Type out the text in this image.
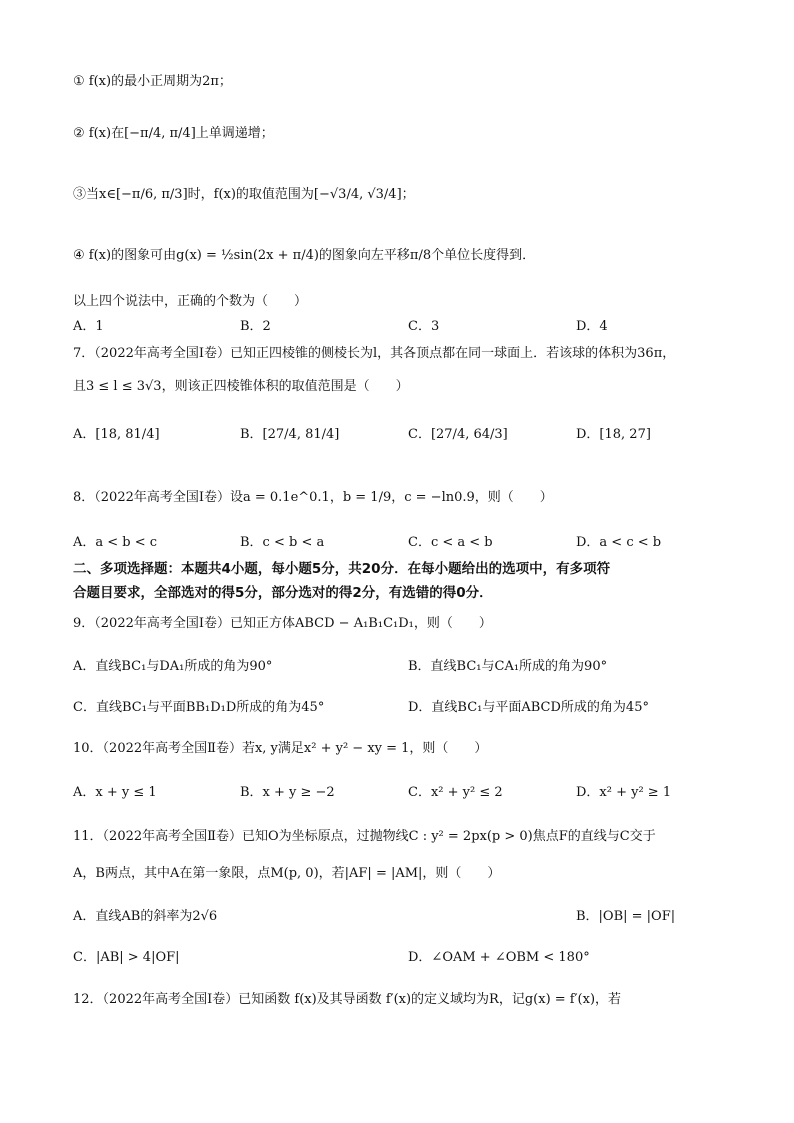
① f(x)的最小正周期为2π；
② f(x)在[−π/4, π/4]上单调递增；
③当x∈[−π/6, π/3]时，f(x)的取值范围为[−√3/4, √3/4]；
④ f(x)的图象可由g(x) = ½sin(2x + π/4)的图象向左平移π/8个单位长度得到．
以上四个说法中，正确的个数为（　　）
A．1	B．2	C．3	D．4
7．（2022年高考全国Ⅰ卷）已知正四棱锥的侧棱长为l，其各顶点都在同一球面上．若该球的体积为36π，
且3 ≤ l ≤ 3√3，则该正四棱锥体积的取值范围是（　　）
A．[18, 81/4]	B．[27/4, 81/4]	C．[27/4, 64/3]	D．[18, 27]
8．（2022年高考全国Ⅰ卷）设a = 0.1e^0.1，b = 1/9，c = −ln0.9，则（　　）
A．a < b < c	B．c < b < a	C．c < a < b	D．a < c < b
二、多项选择题：本题共4小题，每小题5分，共20分．在每小题给出的选项中，有多项符
合题目要求，全部选对的得5分，部分选对的得2分，有选错的得0分．
9．（2022年高考全国Ⅰ卷）已知正方体ABCD − A₁B₁C₁D₁，则（　　）
A．直线BC₁与DA₁所成的角为90°	B．直线BC₁与CA₁所成的角为90°
C．直线BC₁与平面BB₁D₁D所成的角为45°	D．直线BC₁与平面ABCD所成的角为45°
10．（2022年高考全国Ⅱ卷）若x, y满足x² + y² − xy = 1，则（　　）
A．x + y ≤ 1	B．x + y ≥ −2	C．x² + y² ≤ 2	D．x² + y² ≥ 1
11．（2022年高考全国Ⅱ卷）已知O为坐标原点，过抛物线C : y² = 2px(p > 0)焦点F的直线与C交于
A，B两点，其中A在第一象限，点M(p, 0)，若|AF| = |AM|，则（　　）
A．直线AB的斜率为2√6	B．|OB| = |OF|
C．|AB| > 4|OF|	D．∠OAM + ∠OBM < 180°
12．（2022年高考全国Ⅰ卷）已知函数 f(x)及其导函数 f′(x)的定义域均为R，记g(x) = f′(x)，若
